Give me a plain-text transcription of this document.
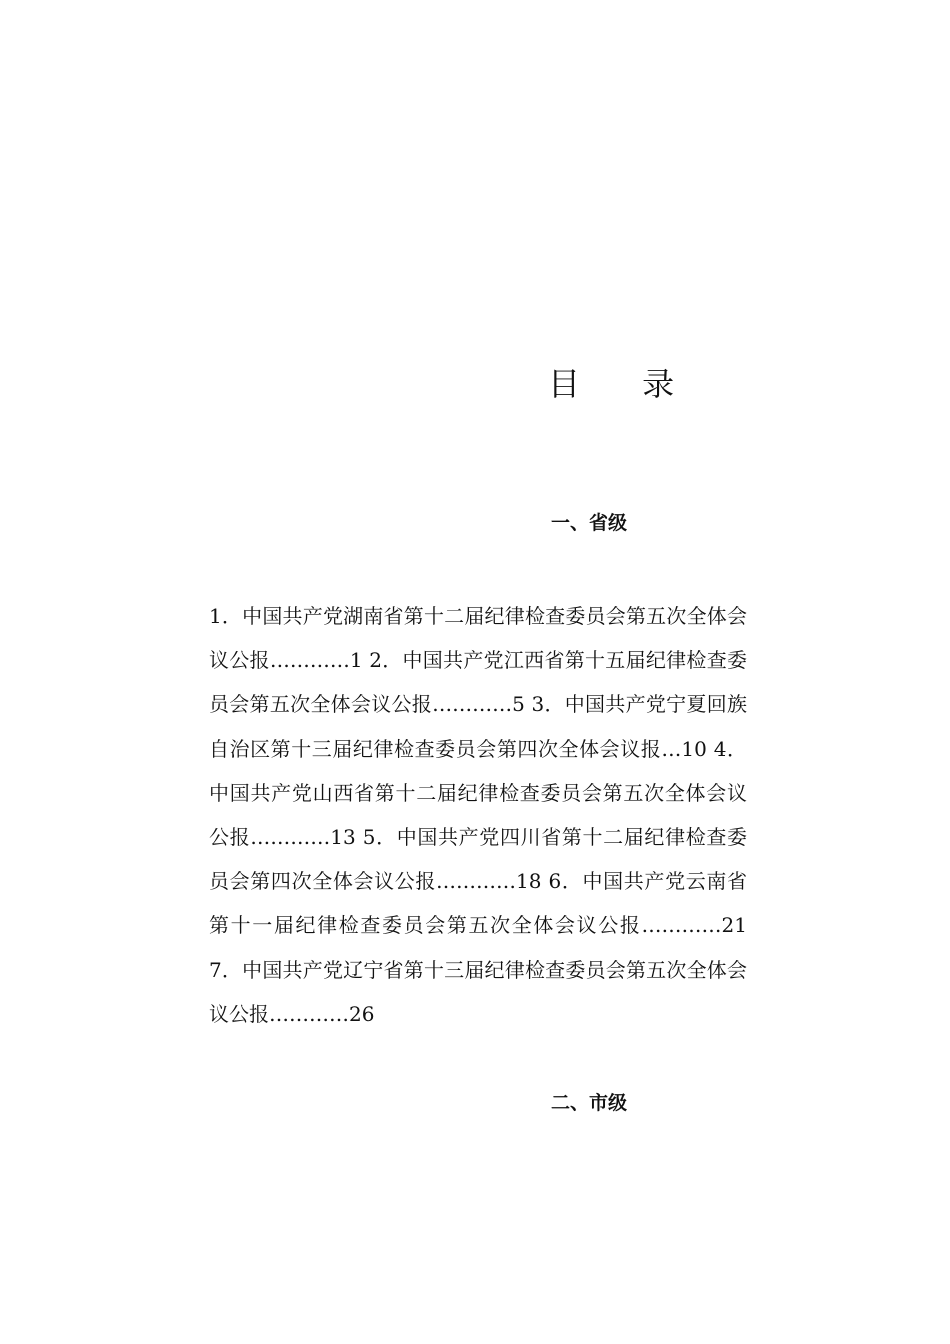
目 录
一、省级
1．中国共产党湖南省第十二届纪律检查委员会第五次全体会议公报…………1 2．中国共产党江西省第十五届纪律检查委员会第五次全体会议公报…………5 3．中国共产党宁夏回族自治区第十三届纪律检查委员会第四次全体会议报…10 4．中国共产党山西省第十二届纪律检查委员会第五次全体会议公报…………13 5．中国共产党四川省第十二届纪律检查委员会第四次全体会议公报…………18 6．中国共产党云南省第十一届纪律检查委员会第五次全体会议公报…………21 7．中国共产党辽宁省第十三届纪律检查委员会第五次全体会议公报…………26
二、市级
